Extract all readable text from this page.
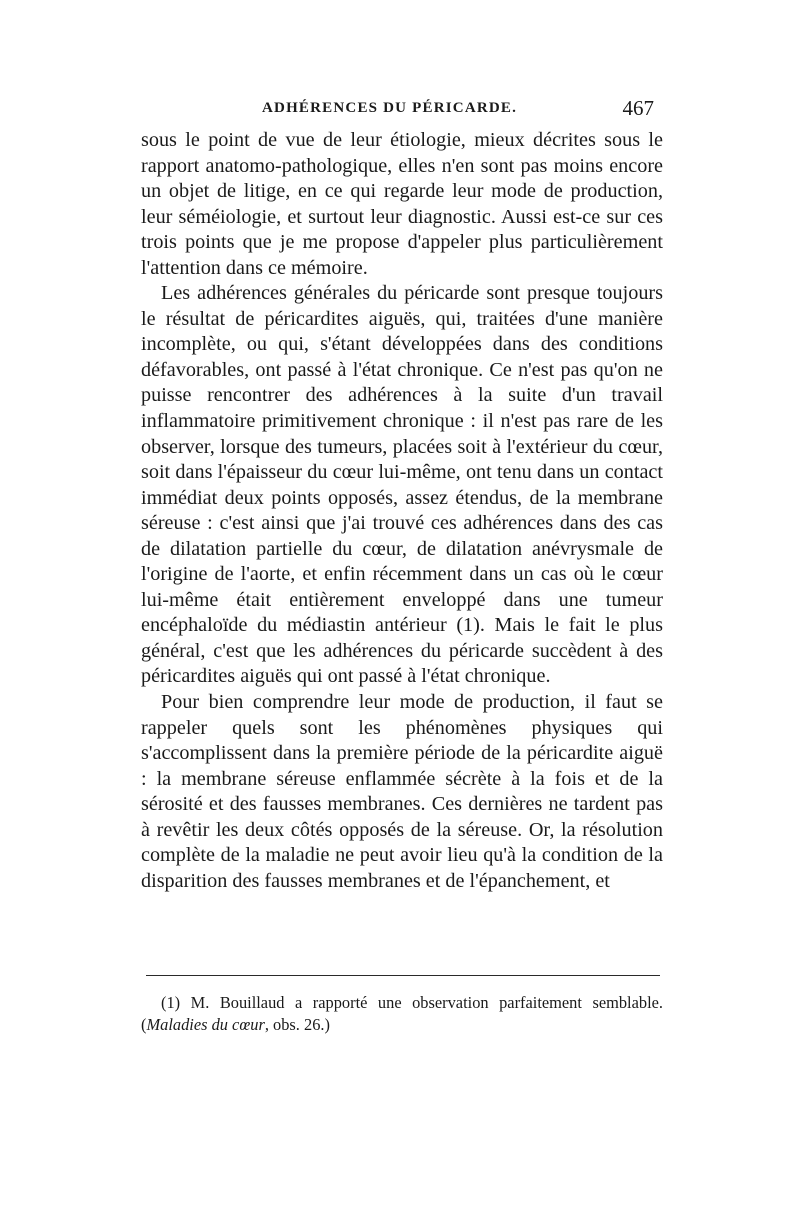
ADHÉRENCES DU PÉRICARDE.	467

sous le point de vue de leur étiologie, mieux décrites sous le rapport anatomo-pathologique, elles n'en sont pas moins encore un objet de litige, en ce qui regarde leur mode de production, leur séméiologie, et surtout leur diagnostic. Aussi est-ce sur ces trois points que je me propose d'appeler plus particulièrement l'attention dans ce mémoire.

Les adhérences générales du péricarde sont presque toujours le résultat de péricardites aiguës, qui, traitées d'une manière incomplète, ou qui, s'étant développées dans des conditions défavorables, ont passé à l'état chronique. Ce n'est pas qu'on ne puisse rencontrer des adhérences à la suite d'un travail inflammatoire primitivement chronique : il n'est pas rare de les observer, lorsque des tumeurs, placées soit à l'extérieur du cœur, soit dans l'épaisseur du cœur lui-même, ont tenu dans un contact immédiat deux points opposés, assez étendus, de la membrane séreuse : c'est ainsi que j'ai trouvé ces adhérences dans des cas de dilatation partielle du cœur, de dilatation anévrysmale de l'origine de l'aorte, et enfin récemment dans un cas où le cœur lui-même était entièrement enveloppé dans une tumeur encéphaloïde du médiastin antérieur (1). Mais le fait le plus général, c'est que les adhérences du péricarde succèdent à des péricardites aiguës qui ont passé à l'état chronique.

Pour bien comprendre leur mode de production, il faut se rappeler quels sont les phénomènes physiques qui s'accomplissent dans la première période de la péricardite aiguë : la membrane séreuse enflammée sécrète à la fois et de la sérosité et des fausses membranes. Ces dernières ne tardent pas à revêtir les deux côtés opposés de la séreuse. Or, la résolution complète de la maladie ne peut avoir lieu qu'à la condition de la disparition des fausses membranes et de l'épanchement, et

(1) M. Bouillaud a rapporté une observation parfaitement semblable. (Maladies du cœur, obs. 26.)
